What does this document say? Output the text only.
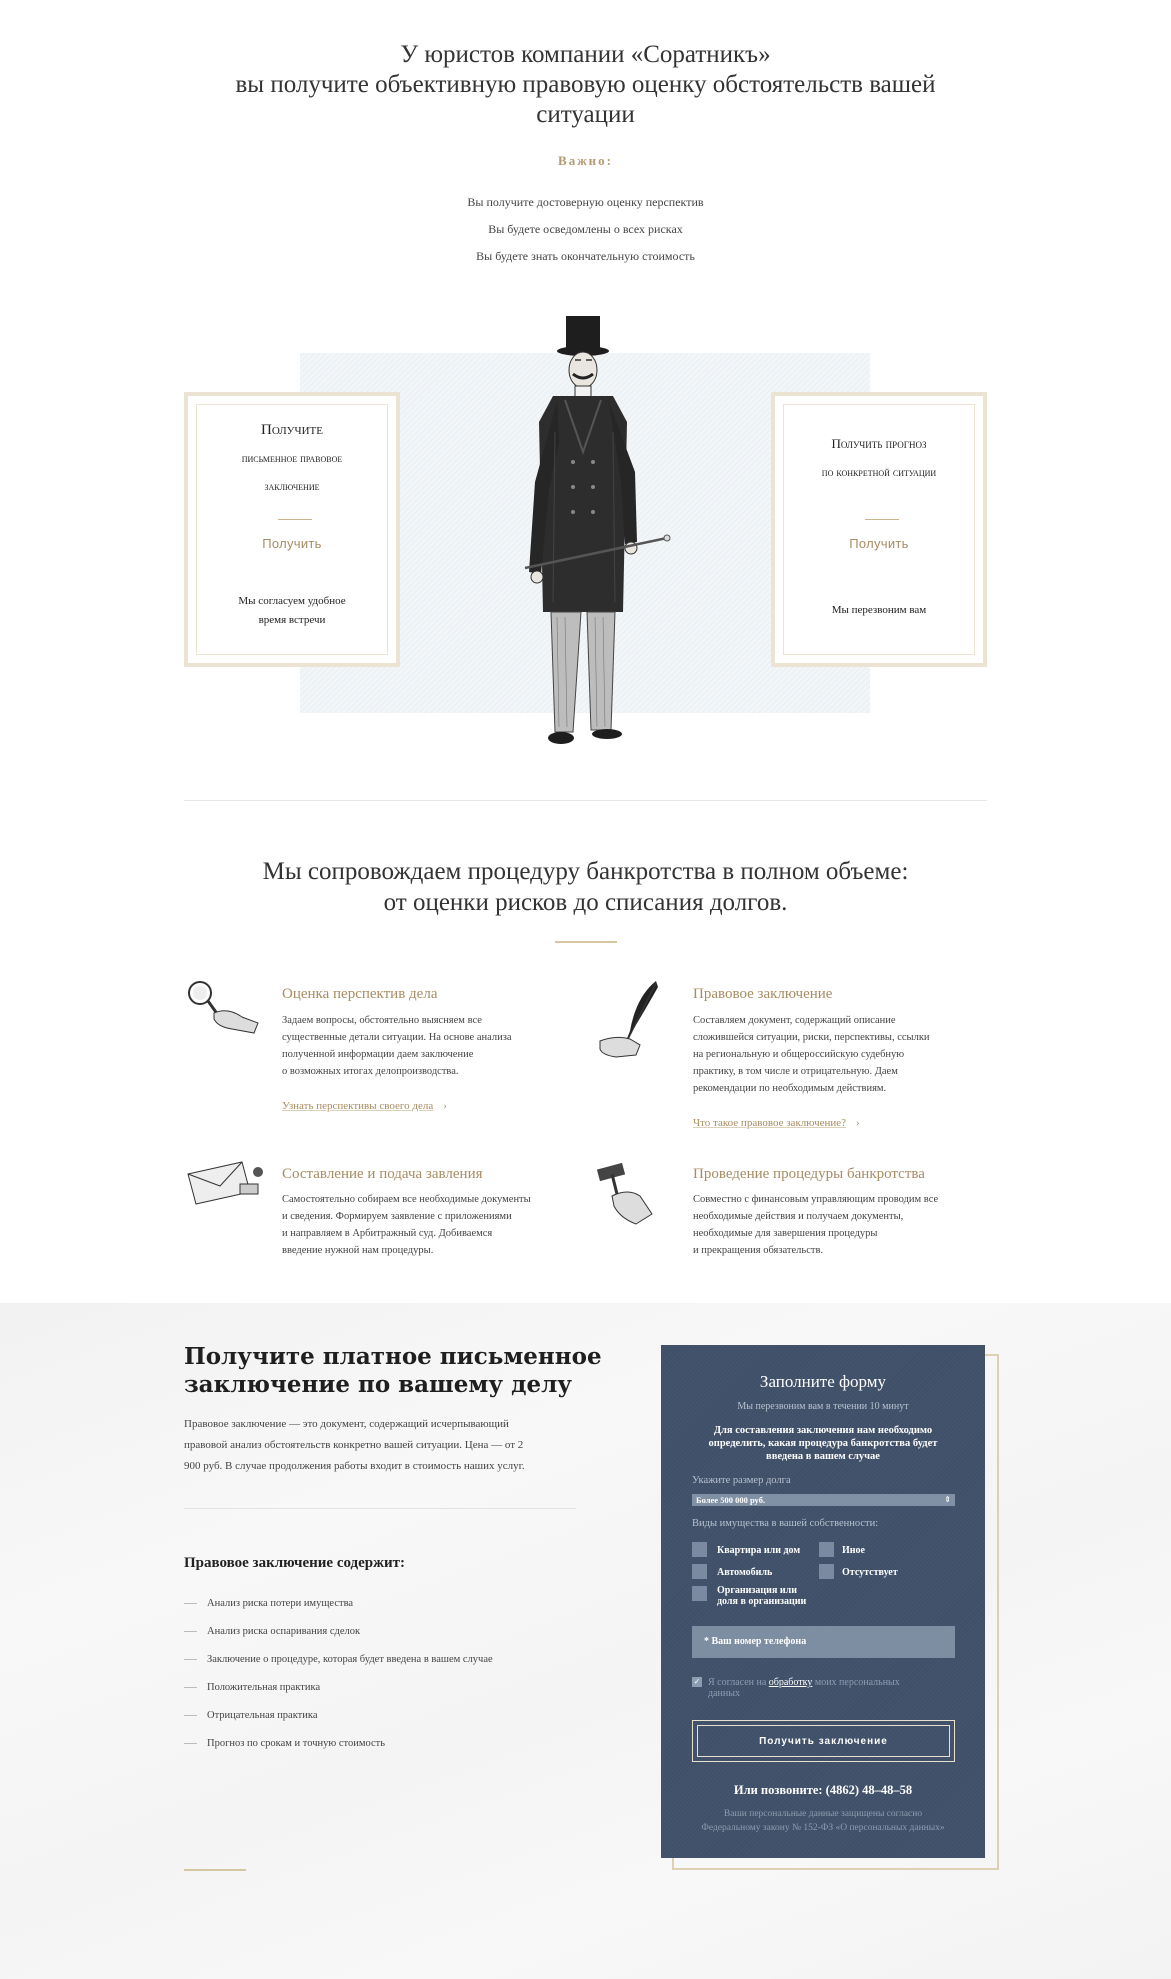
У юристов компании «Соратникъ»
вы получите объективную правовую оценку обстоятельств вашей
ситуации
Важно:
Вы получите достоверную оценку перспектив
Вы будете осведомлены о всех рисках
Вы будете знать окончательную стоимость
Получите
письменное правовое
заключение
Получить
Мы согласуем удобное
время встречи
Получить прогноз
по конкретной ситуации
Получить
Мы перезвоним вам
Мы сопровождаем процедуру банкротства в полном объеме:
от оценки рисков до списания долгов.
Оценка перспектив дела
Задаем вопросы, обстоятельно выясняем все
существенные детали ситуации. На основе анализа
полученной информации даем заключение
о возможных итогах делопроизводства.
Узнать перспективы своего дела ›
Правовое заключение
Составляем документ, содержащий описание
сложившейся ситуации, риски, перспективы, ссылки
на региональную и общероссийскую судебную
практику, в том числе и отрицательную. Даем
рекомендации по необходимым действиям.
Что такое правовое заключение? ›
Составление и подача завления
Самостоятельно собираем все необходимые документы
и сведения. Формируем заявление с приложениями
и направляем в Арбитражный суд. Добиваемся
введение нужной нам процедуры.
Проведение процедуры банкротства
Совместно с финансовым управляющим проводим все
необходимые действия и получаем документы,
необходимые для завершения процедуры
и прекращения обязательств.
Получите платное письменное
заключение по вашему делу
Правовое заключение — это документ, содержащий исчерпывающий
правовой анализ обстоятельств конкретно вашей ситуации. Цена — от 2
900 руб. В случае продолжения работы входит в стоимость наших услуг.
Правовое заключение содержит:
Анализ риска потери имущества
Анализ риска оспаривания сделок
Заключение о процедуре, которая будет введена в вашем случае
Положительная практика
Отрицательная практика
Прогноз по срокам и точную стоимость
Заполните форму
Мы перезвоним вам в течении 10 минут
Для составления заключения нам необходимо
определить, какая процедура банкротства будет
введена в вашем случае
Укажите размер долга
Более 500 000 руб.	⇕
Виды имущества в вашей собственности:
Квартира или дом	Иное
Автомобиль	Отсутствует
Организация или
доля в организации
* Ваш номер телефона
✓ Я согласен на обработку моих персональных
данных
Получить заключение
Или позвоните: (4862) 48–48–58
Ваши персональные данные защищены согласно
Федеральному закону № 152-ФЗ «О персональных данных»
